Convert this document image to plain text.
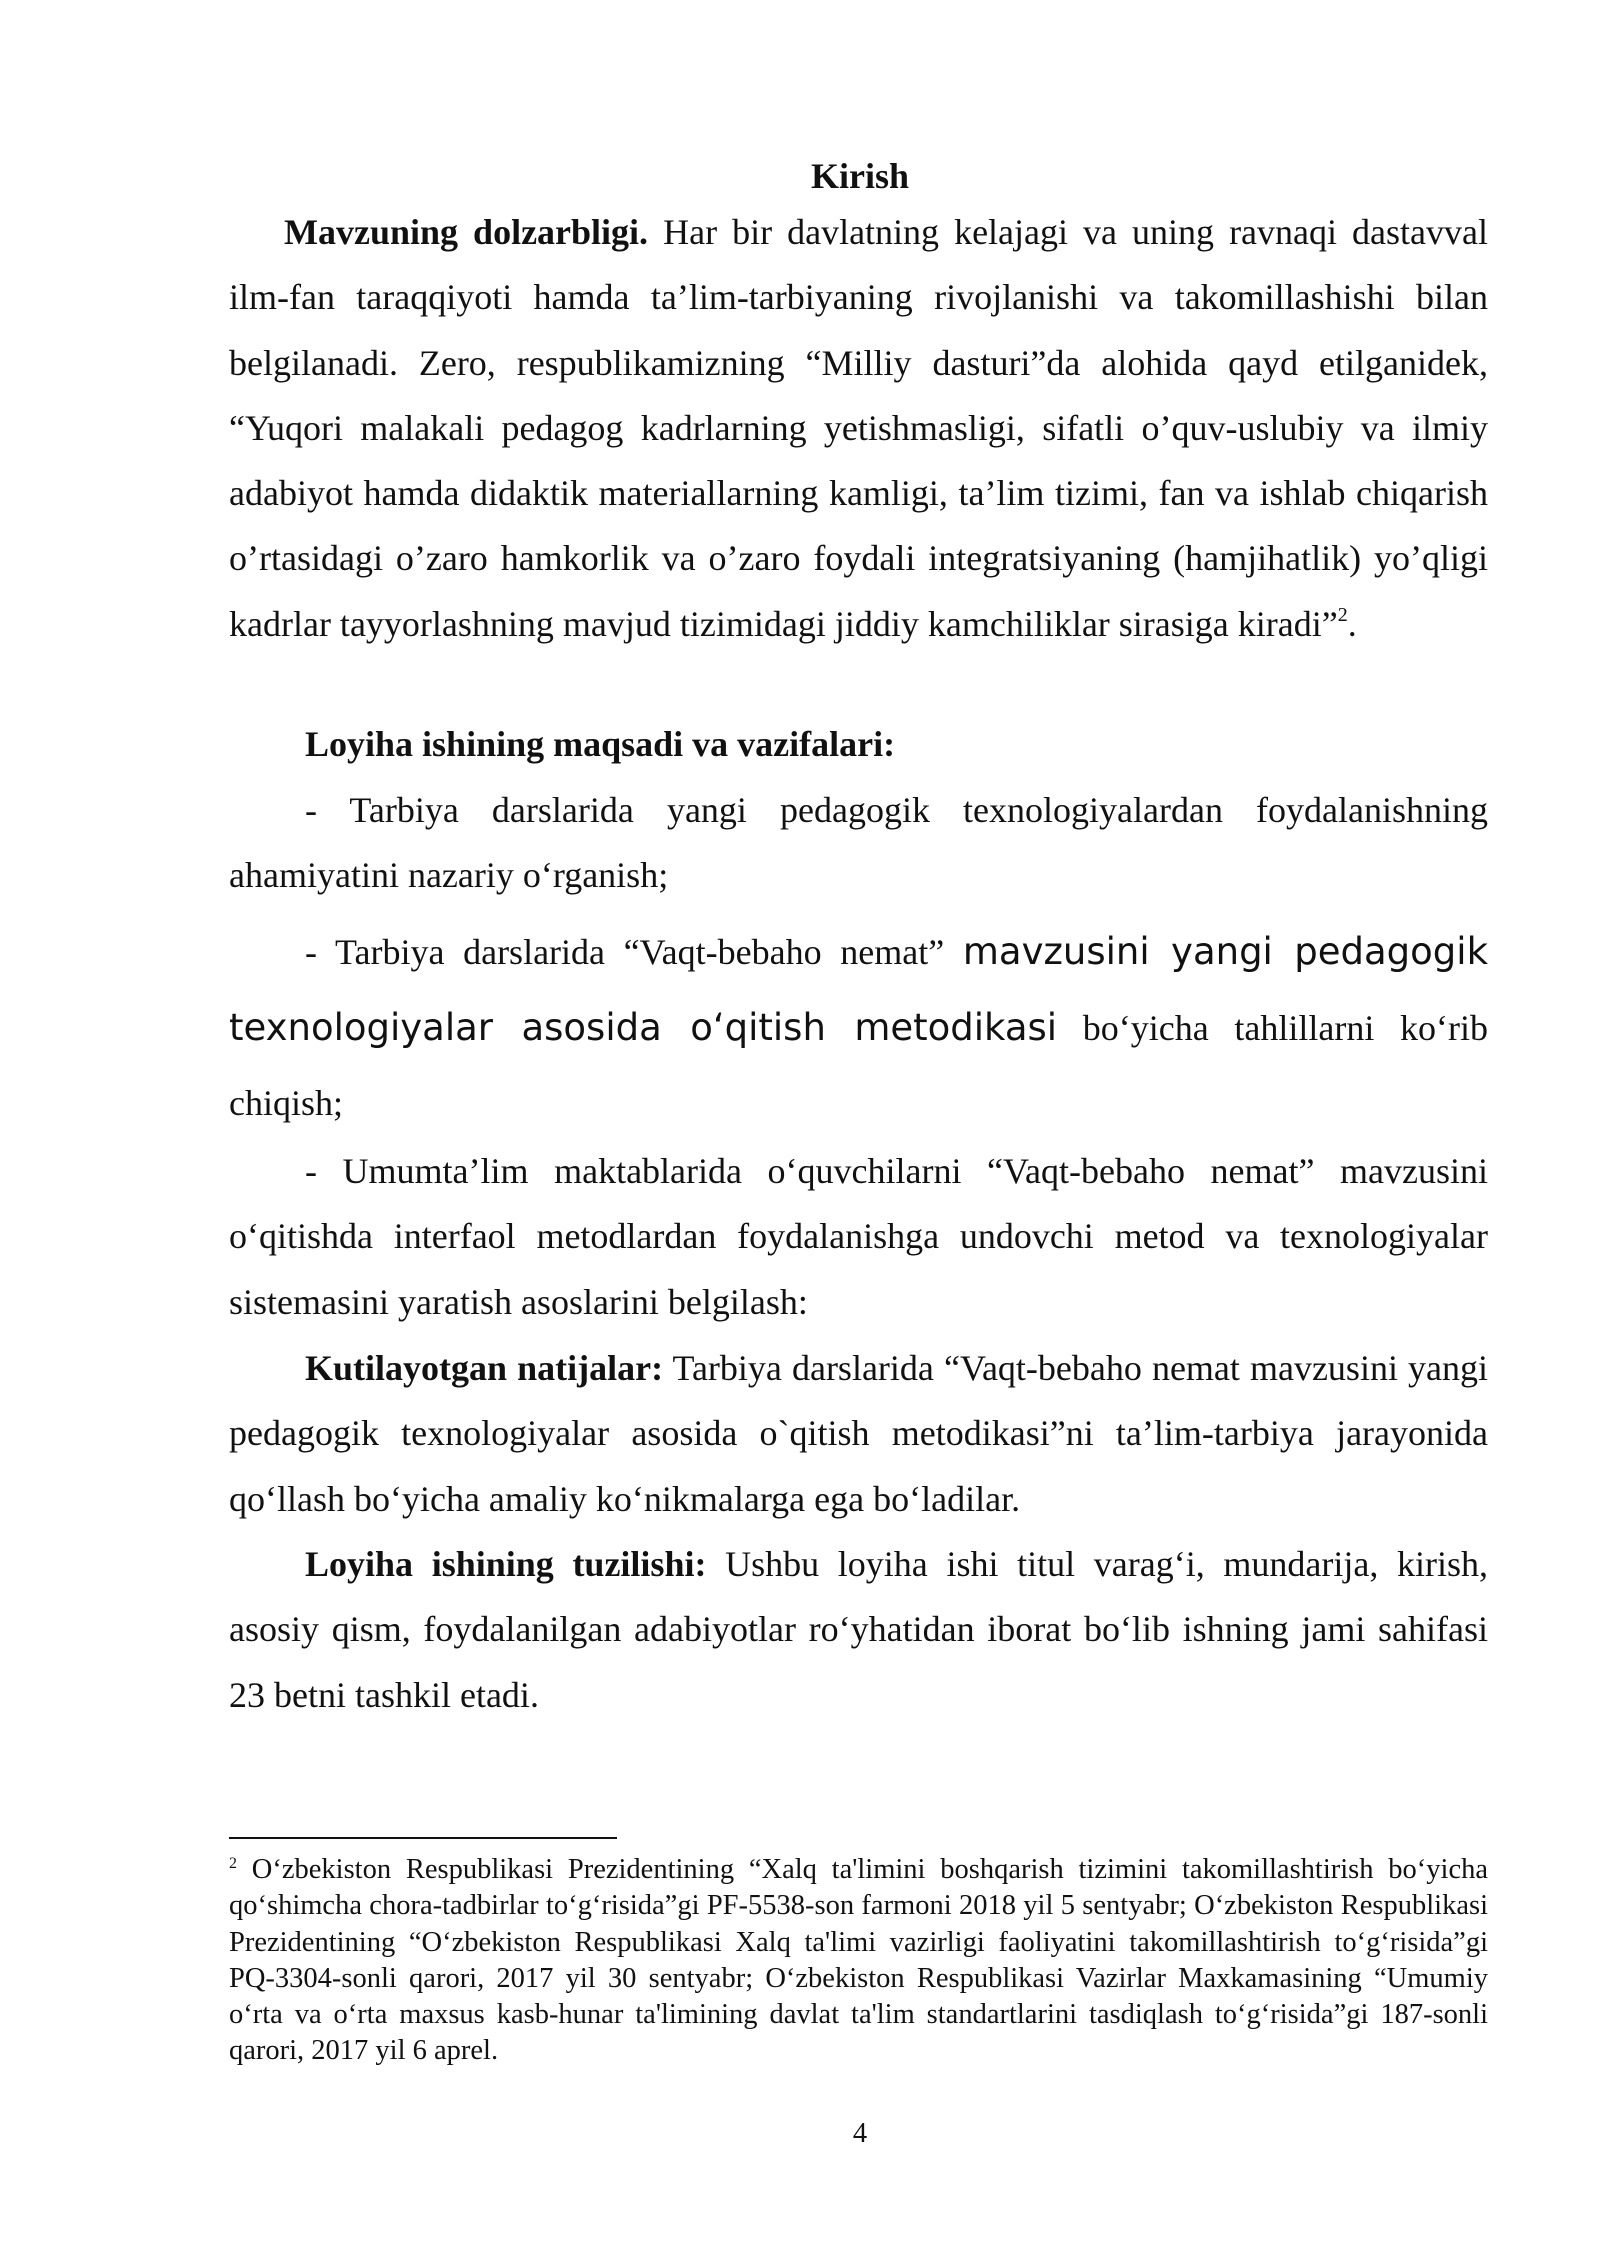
Kirish
Mavzuning dolzarbligi. Har bir davlatning kelajagi va uning ravnaqi dastavval ilm-fan taraqqiyoti hamda ta’lim-tarbiyaning rivojlanishi va takomillashishi bilan belgilanadi. Zero, respublikamizning “Milliy dasturi”da alohida qayd etilganidek, “Yuqori malakali pedagog kadrlarning yetishmasligi, sifatli o’quv-uslubiy va ilmiy adabiyot hamda didaktik materiallarning kamligi, ta’lim tizimi, fan va ishlab chiqarish o’rtasidagi o’zaro hamkorlik va o’zaro foydali integratsiyaning (hamjihatlik) yo’qligi kadrlar tayyorlashning mavjud tizimidagi jiddiy kamchiliklar sirasiga kiradi”$^2$.
Loyiha ishining maqsadi va vazifalari:
- Tarbiya darslarida yangi pedagogik texnologiyalardan foydalanishning ahamiyatini nazariy o‘rganish;
- Tarbiya darslarida “Vaqt-bebaho nemat” mavzusini yangi pedagogik texnologiyalar asosida o‘qitish metodikasi bo‘yicha tahlillarni ko‘rib chiqish;
- Umumta’lim maktablarida o‘quvchilarni “Vaqt-bebaho nemat” mavzusini o‘qitishda interfaol metodlardan foydalanishga undovchi metod va texnologiyalar sistemasini yaratish asoslarini belgilash:
Kutilayotgan natijalar: Tarbiya darslarida “Vaqt-bebaho nemat mavzusini yangi pedagogik texnologiyalar asosida o`qitish metodikasi”ni ta’lim-tarbiya jarayonida qo‘llash bo‘yicha amaliy ko‘nikmalarga ega bo‘ladilar.
Loyiha ishining tuzilishi: Ushbu loyiha ishi titul varag‘i, mundarija, kirish, asosiy qism, foydalanilgan adabiyotlar ro‘yhatidan iborat bo‘lib ishning jami sahifasi 23 betni tashkil etadi.
$^2$ O‘zbekiston Respublikasi Prezidentining “Xalq ta'limini boshqarish tizimini takomillashtirish bo‘yicha qo‘shimcha chora-tadbirlar to‘g‘risida”gi PF-5538-son farmoni 2018 yil 5 sentyabr; O‘zbekiston Respublikasi Prezidentining “O‘zbekiston Respublikasi Xalq ta'limi vazirligi faoliyatini takomillashtirish to‘g‘risida”gi PQ-3304-sonli qarori, 2017 yil 30 sentyabr; O‘zbekiston Respublikasi Vazirlar Maxkamasining “Umumiy o‘rta va o‘rta maxsus kasb-hunar ta'limining davlat ta'lim standartlarini tasdiqlash to‘g‘risida”gi 187-sonli qarori, 2017 yil 6 aprel.
4
